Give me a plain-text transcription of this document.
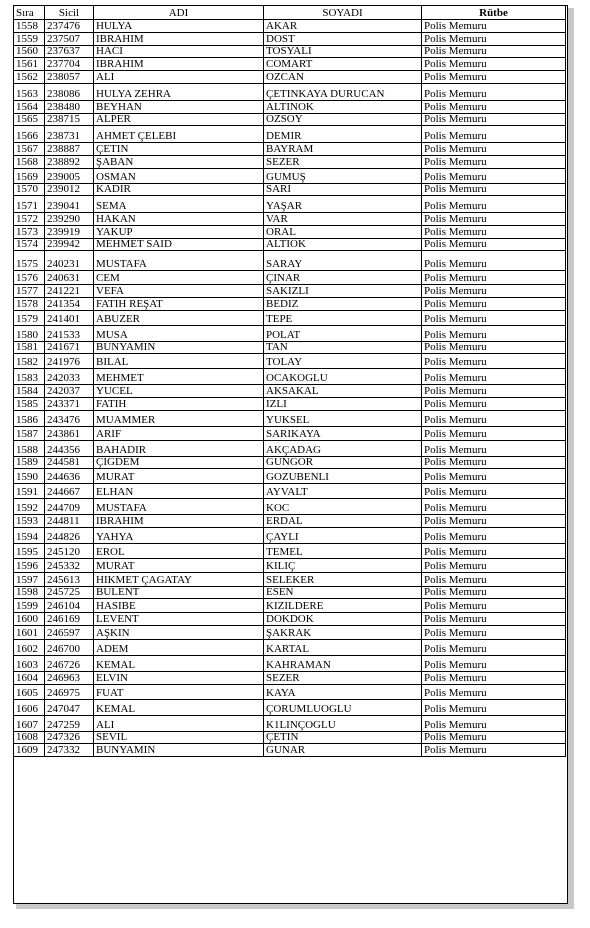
Sıra	Sicil	ADI	SOYADI	Rütbe
1558	237476	HULYA	AKAR	Polis Memuru
1559	237507	IBRAHIM	DOST	Polis Memuru
1560	237637	HACI	TOSYALI	Polis Memuru
1561	237704	IBRAHIM	COMART	Polis Memuru
1562	238057	ALI	OZCAN	Polis Memuru
1563	238086	HULYA ZEHRA	ÇETINKAYA DURUCAN	Polis Memuru
1564	238480	BEYHAN	ALTINOK	Polis Memuru
1565	238715	ALPER	OZSOY	Polis Memuru
1566	238731	AHMET ÇELEBI	DEMIR	Polis Memuru
1567	238887	ÇETIN	BAYRAM	Polis Memuru
1568	238892	ŞABAN	SEZER	Polis Memuru
1569	239005	OSMAN	GUMUŞ	Polis Memuru
1570	239012	KADIR	SARI	Polis Memuru
1571	239041	SEMA	YAŞAR	Polis Memuru
1572	239290	HAKAN	VAR	Polis Memuru
1573	239919	YAKUP	ORAL	Polis Memuru
1574	239942	MEHMET SAID	ALTIOK	Polis Memuru
1575	240231	MUSTAFA	SARAY	Polis Memuru
1576	240631	CEM	ÇINAR	Polis Memuru
1577	241221	VEFA	SAKIZLI	Polis Memuru
1578	241354	FATIH REŞAT	BEDIZ	Polis Memuru
1579	241401	ABUZER	TEPE	Polis Memuru
1580	241533	MUSA	POLAT	Polis Memuru
1581	241671	BUNYAMIN	TAN	Polis Memuru
1582	241976	BILAL	TOLAY	Polis Memuru
1583	242033	MEHMET	OCAKOGLU	Polis Memuru
1584	242037	YUCEL	AKSAKAL	Polis Memuru
1585	243371	FATIH	IZLI	Polis Memuru
1586	243476	MUAMMER	YUKSEL	Polis Memuru
1587	243861	ARIF	SARIKAYA	Polis Memuru
1588	244356	BAHADIR	AKÇADAG	Polis Memuru
1589	244581	ÇIGDEM	GUNGOR	Polis Memuru
1590	244636	MURAT	GOZUBENLI	Polis Memuru
1591	244667	ELHAN	AYVALT	Polis Memuru
1592	244709	MUSTAFA	KOC	Polis Memuru
1593	244811	IBRAHIM	ERDAL	Polis Memuru
1594	244826	YAHYA	ÇAYLI	Polis Memuru
1595	245120	EROL	TEMEL	Polis Memuru
1596	245332	MURAT	KILIÇ	Polis Memuru
1597	245613	HIKMET ÇAGATAY	SELEKER	Polis Memuru
1598	245725	BULENT	ESEN	Polis Memuru
1599	246104	HASIBE	KIZILDERE	Polis Memuru
1600	246169	LEVENT	DOKDOK	Polis Memuru
1601	246597	AŞKIN	ŞAKRAK	Polis Memuru
1602	246700	ADEM	KARTAL	Polis Memuru
1603	246726	KEMAL	KAHRAMAN	Polis Memuru
1604	246963	ELVIN	SEZER	Polis Memuru
1605	246975	FUAT	KAYA	Polis Memuru
1606	247047	KEMAL	ÇORUMLUOGLU	Polis Memuru
1607	247259	ALI	K1LINÇOGLU	Polis Memuru
1608	247326	SEVIL	ÇETIN	Polis Memuru
1609	247332	BUNYAMIN	GUNAR	Polis Memuru
